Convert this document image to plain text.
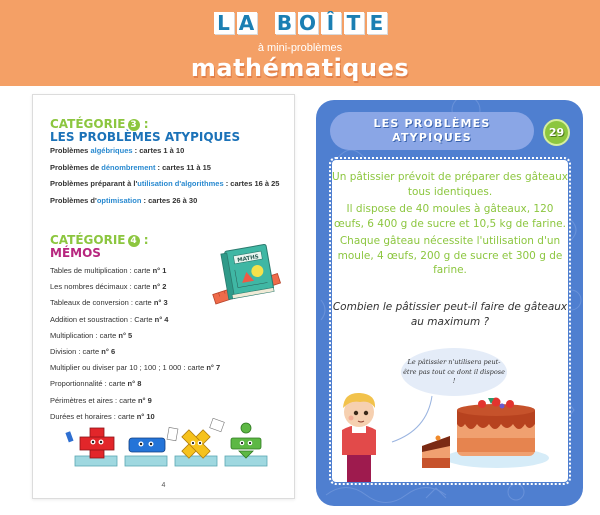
L A B O Î T E
à mini-problèmes
mathématiques
CATÉGORIE 3 :
LES PROBLÈMES ATYPIQUES
Problèmes algébriques : cartes 1 à 10
Problèmes de dénombrement : cartes 11 à 15
Problèmes préparant à l'utilisation d'algorithmes : cartes 16 à 25
Problèmes d'optimisation : cartes 26 à 30
CATÉGORIE 4 :
MÉMOS
Tables de multiplication : carte n° 1
Les nombres décimaux : carte n° 2
Tableaux de conversion : carte n° 3
Addition et soustraction : Carte n° 4
Multiplication : carte n° 5
Division : carte n° 6
Multiplier ou diviser par 10 ; 100 ; 1 000 : carte n° 7
Proportionnalité : carte n° 8
Périmètres et aires : carte n° 9
Durées et horaires : carte n° 10
MATHS
4
LES PROBLÈMES
ATYPIQUES	29

Un pâtissier prévoit de préparer des gâteaux tous identiques.

Il dispose de 40 moules à gâteaux, 120 œufs, 6 400 g de sucre et 10,5 kg de farine.

Chaque gâteau nécessite l'utilisation d'un moule, 4 œufs, 200 g de sucre et 300 g de farine.

Combien le pâtissier peut-il faire de gâteaux au maximum ?
Le pâtissier n'utilisera peut-être pas tout ce dont il dispose !
